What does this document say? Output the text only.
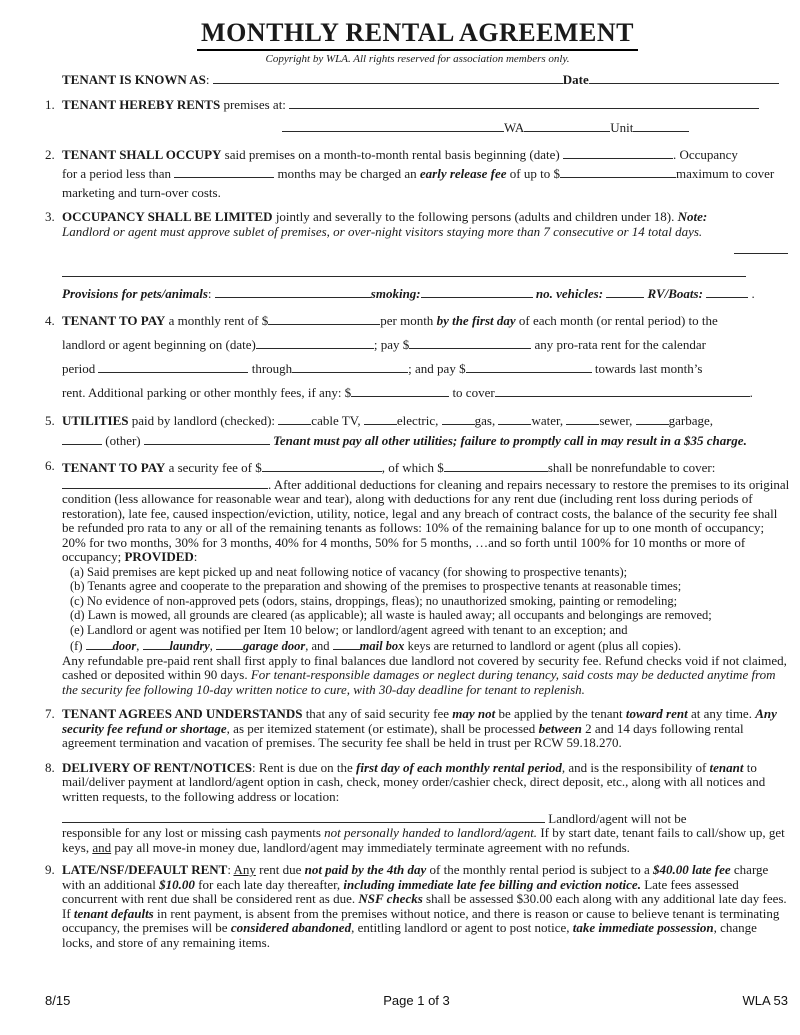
MONTHLY RENTAL AGREEMENT
Copyright by WLA. All rights reserved for association members only.
TENANT IS KNOWN AS:	Date
1. TENANT HEREBY RENTS premises at:
WA	Unit
2. TENANT SHALL OCCUPY said premises on a month-to-month rental basis beginning (date)	. Occupancy
for a period less than	months may be charged an early release fee of up to $	maximum to cover
marketing and turn-over costs.
3. OCCUPANCY SHALL BE LIMITED jointly and severally to the following persons (adults and children under 18). Note:
Landlord or agent must approve sublet of premises, or over-night visitors staying more than 7 consecutive or 14 total days.
Provisions for pets/animals:	smoking:	no. vehicles:	RV/Boats:	.
4. TENANT TO PAY a monthly rent of $	per month by the first day of each month (or rental period) to the
landlord or agent beginning on (date)	; pay $	any pro-rata rent for the calendar
period	through	; and pay $	towards last month’s
rent. Additional parking or other monthly fees, if any: $	to cover	.
5. UTILITIES paid by landlord (checked):	cable TV,	electric,	gas,	water,	sewer,	garbage,
(other)	Tenant must pay all other utilities; failure to promptly call in may result in a $35 charge.
6. TENANT TO PAY a security fee of $	, of which $	shall be nonrefundable to cover:
. After additional deductions for cleaning and repairs necessary to restore the premises to its original condition (less allowance for reasonable wear and tear), along with deductions for any rent due (including rent loss during periods of restoration), late fee, caused inspection/eviction, utility, notice, legal and any breach of contract costs, the balance of the security fee shall be refunded pro rata to any or all of the remaining tenants as follows: 10% of the remaining balance for up to one month of occupancy; 20% for two months, 30% for 3 months, 40% for 4 months, 50% for 5 months, …and so forth until 100% for 10 months or more of occupancy; PROVIDED:
(a) Said premises are kept picked up and neat following notice of vacancy (for showing to prospective tenants);
(b) Tenants agree and cooperate to the preparation and showing of the premises to prospective tenants at reasonable times;
(c) No evidence of non-approved pets (odors, stains, droppings, fleas); no unauthorized smoking, painting or remodeling;
(d) Lawn is mowed, all grounds are cleared (as applicable); all waste is hauled away; all occupants and belongings are removed;
(e) Landlord or agent was notified per Item 10 below; or landlord/agent agreed with tenant to an exception; and
(f) door, laundry, garage door, and mail box keys are returned to landlord or agent (plus all copies).
Any refundable pre-paid rent shall first apply to final balances due landlord not covered by security fee. Refund checks void if not claimed, cashed or deposited within 90 days. For tenant-responsible damages or neglect during tenancy, said costs may be deducted anytime from the security fee following 10-day written notice to cure, with 30-day deadline for tenant to replenish.
7. TENANT AGREES AND UNDERSTANDS that any of said security fee may not be applied by the tenant toward rent at any time. Any security fee refund or shortage, as per itemized statement (or estimate), shall be processed between 2 and 14 days following rental agreement termination and vacation of premises. The security fee shall be held in trust per RCW 59.18.270.
8. DELIVERY OF RENT/NOTICES: Rent is due on the first day of each monthly rental period, and is the responsibility of tenant to mail/deliver payment at landlord/agent option in cash, check, money order/cashier check, direct deposit, etc., along with all notices and written requests, to the following address or location:
Landlord/agent will not be
responsible for any lost or missing cash payments not personally handed to landlord/agent. If by start date, tenant fails to call/show up, get keys, and pay all move-in money due, landlord/agent may immediately terminate agreement with no refunds.
9. LATE/NSF/DEFAULT RENT: Any rent due not paid by the 4th day of the monthly rental period is subject to a $40.00 late fee charge with an additional $10.00 for each late day thereafter, including immediate late fee billing and eviction notice. Late fees assessed concurrent with rent due shall be considered rent as due. NSF checks shall be assessed $30.00 each along with any additional late day fees. If tenant defaults in rent payment, is absent from the premises without notice, and there is reason or cause to believe tenant is terminating occupancy, the premises will be considered abandoned, entitling landlord or agent to post notice, take immediate possession, change locks, and store of any remaining items.
8/15	Page 1 of 3	WLA 53
